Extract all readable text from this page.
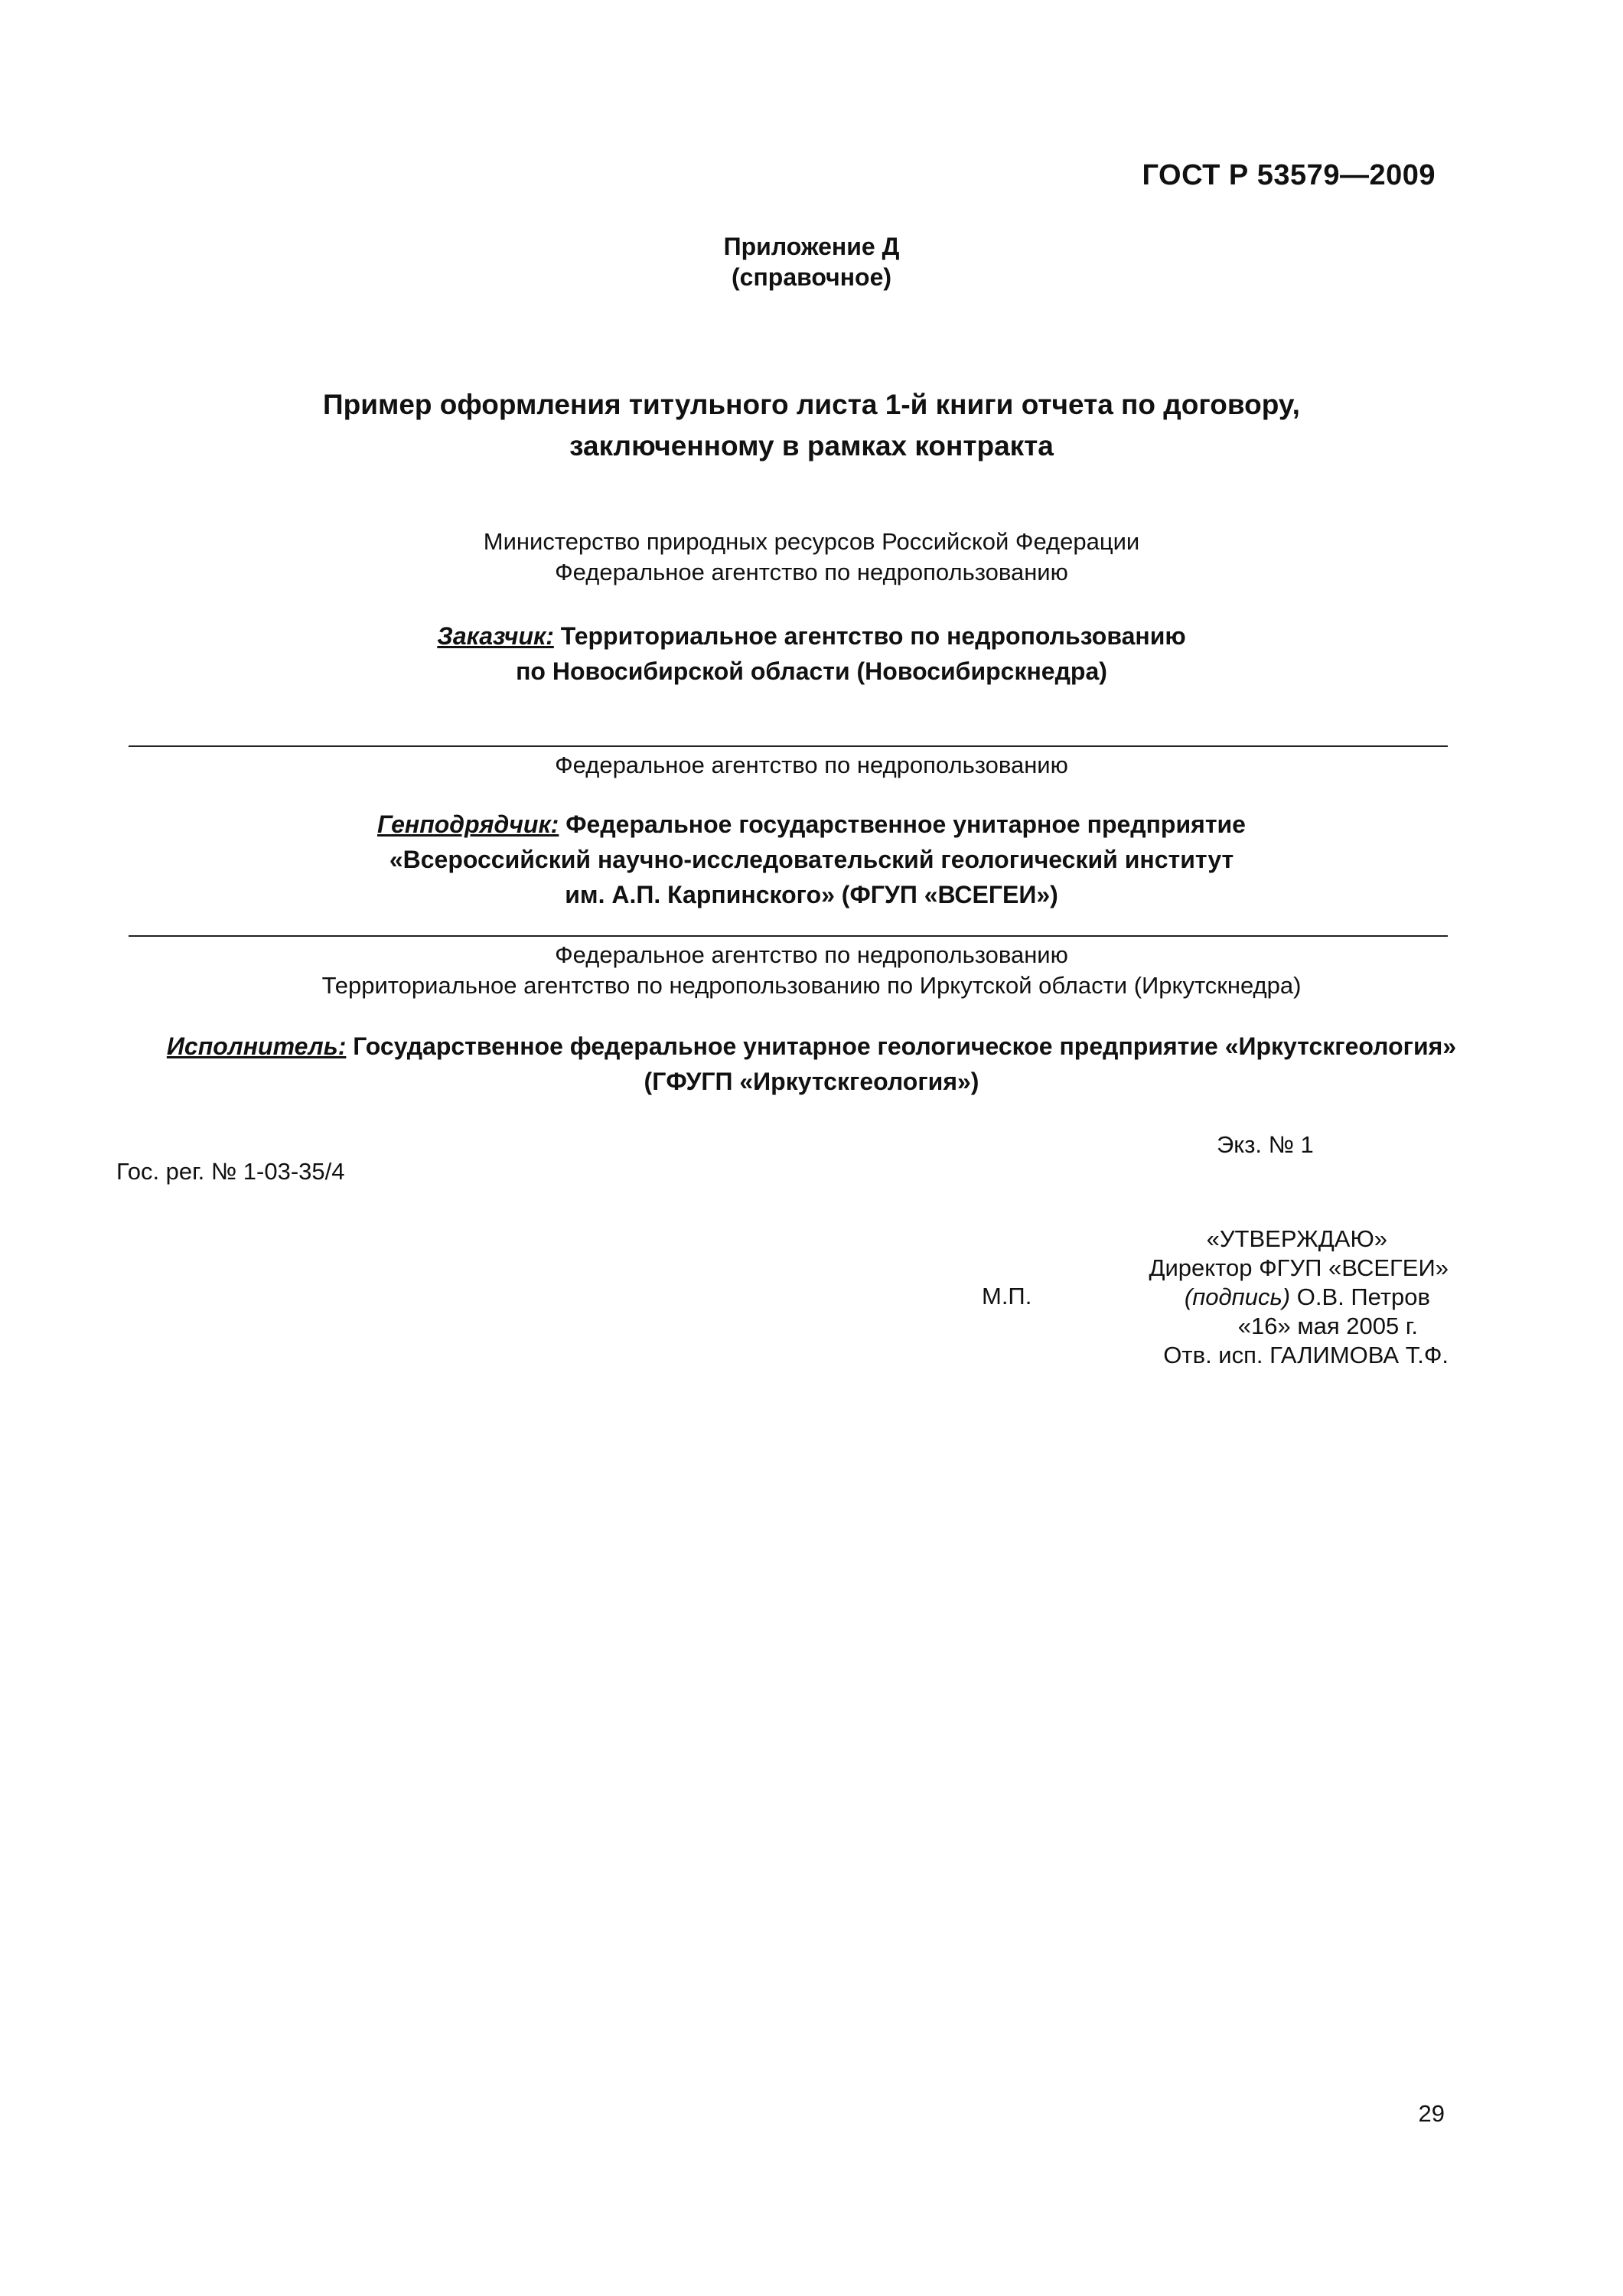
ГОСТ Р 53579—2009
Приложение Д
(справочное)
Пример оформления титульного листа 1-й книги отчета по договору,
заключенному в рамках контракта
Министерство природных ресурсов Российской Федерации
Федеральное агентство по недропользованию
Заказчик: Территориальное агентство по недропользованию
по Новосибирской области (Новосибирскнедра)
Федеральное агентство по недропользованию
Генподрядчик: Федеральное государственное унитарное предприятие
«Всероссийский научно-исследовательский геологический институт
им. А.П. Карпинского» (ФГУП «ВСЕГЕИ»)
Федеральное агентство по недропользованию
Территориальное агентство по недропользованию по Иркутской области (Иркутскнедра)
Исполнитель: Государственное федеральное унитарное геологическое предприятие «Иркутскгеология»
(ГФУГП «Иркутскгеология»)
Экз. № 1
Гос. рег. № 1-03-35/4
«УТВЕРЖДАЮ»
Директор ФГУП «ВСЕГЕИ»
(подпись) О.В. Петров
«16» мая 2005 г.
Отв. исп. ГАЛИМОВА Т.Ф.
М.П.
29
